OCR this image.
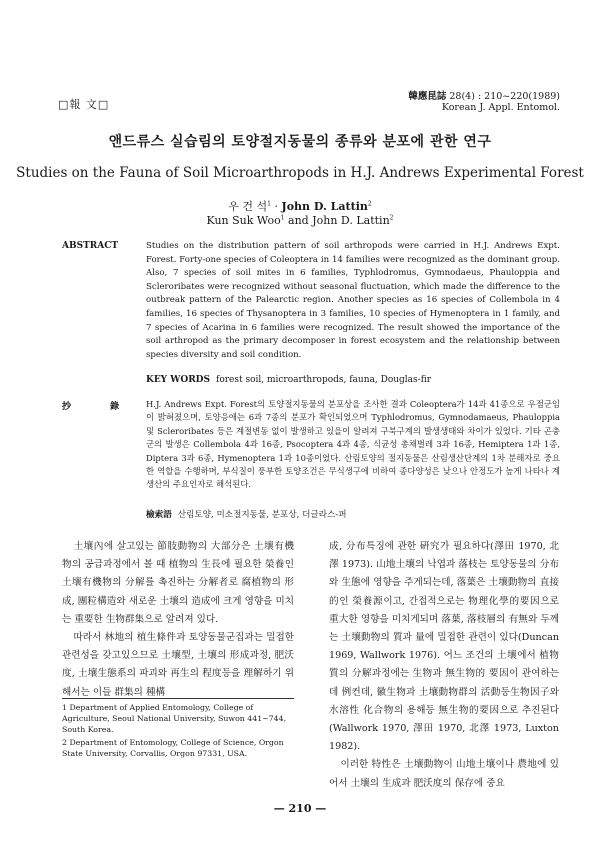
□報 文□
韓應昆誌 28(4) : 210~220(1989)
Korean J. Appl. Entomol.
앤드류스 실습림의 토양절지동물의 종류와 분포에 관한 연구
Studies on the Fauna of Soil Microarthropods in H.J. Andrews Experimental Forest
우 건 석$^1$ · John D. Lattin$^2$
Kun Suk Woo$^1$ and John D. Lattin$^2$
ABSTRACT	Studies on the distribution pattern of soil arthropods were carried in H.J. Andrews Expt. Forest. Forty-one species of Coleoptera in 14 families were recognized as the dominant group. Also, 7 species of soil mites in 6 families, Typhlodromus, Gymnodaeus, Phauloppia and Scleroribates were recognized without seasonal fluctuation, which made the difference to the outbreak pattern of the Palearctic region. Another species as 16 species of Collembola in 4 families, 16 species of Thysanoptera in 3 families, 10 species of Hymenoptera in 1 family, and 7 species of Acarina in 6 families were recognized. The result showed the importance of the soil arthropod as the primary decomposer in forest ecosystem and the relationship between species diversity and soil condition.

KEY WORDS forest soil, microarthropods, fauna, Douglas-fir
抄 錄 H.J. Andrews Expt. Forest의 토양절지동물의 분포상을 조사한 결과 Coleoptera가 14과 41종으로 우점군임이 밝혀졌으며, 토양응애는 6과 7종의 분포가 확인되었으며 Typhlodromus, Gymnodamaeus, Phauloppia 및 Scleroribates 등은 계절변동 없이 발생하고 있을이 알려져 구북구계의 발생생태와 차이가 있었다. 기타 곤충군의 발생은 Collembola 4과 16종, Psocoptera 4과 4종, 식균성 총채벌레 3과 16종, Hemiptera 1과 1종, Diptera 3과 6종, Hymenoptera 1과 10종이었다. 산림토양의 절지동물은 산림생산단계의 1차 분해자로 중요한 역할을 수행하며, 부식질이 풍부한 토양조건은 무식생구에 비하여 종다양성은 낮으나 안정도가 높게 나타나 계생산의 주요인자로 해석된다.

檢索語 산림토양, 미소절지동물, 분포상, 더글라스-퍼

土壤內에 살고있는 節肢動物의 大部分은 土壤有機物의 공급과정에서 볼 때 植物의 生長에 필요한 榮養인 土壤有機物의 分解를 촉진하는 分解者로 腐植物의 形成, 團粒構造와 새로운 土壤의 造成에 크게 영향을 미치는 重要한 生物群集으로 알려져 있다.

따라서 林地의 植生條件과 토양동물군집과는 밀접한 관련성을 갖고있으므로 土壤型, 土壤의 形成과정, 肥沃度, 土壤生態系의 파괴와 再生의 程度등을 理解하기 위해서는 이들 群集의 種構

成, 分布특징에 관한 硏究가 필요하다(澤田 1970, 北澤 1973). 山地土壤의 낙엽과 落枝는 토양동물의 分布와 生態에 영향을 주게되는데, 落葉은 土壤動物의 直接的인 榮養源이고, 간접적으로는 物理化學的要因으로 重大한 영향을 미치게되며 落葉, 落枝層의 有無와 두께는 土壤動物의 質과 量에 밀접한 관련이 있다(Duncan 1969, Wallwork 1976). 어느 조건의 土壤에서 植物質의 分解과정에는 生物과 無生物的 要因이 관여하는데 例컨데, 徽生物과 土壤動物群의 活動등生物因子와 水溶性 化合物의 용해등 無生物的要因으로 추진된다(Wallwork 1970, 澤田 1970, 北澤 1973, Luxton 1982).

이러한 特性은 土壤動物이 山地土壤이나 農地에 있어서 土壤의 生成과 肥沃度의 保存에 중요

1 Department of Applied Entomology, College of Agriculture, Seoul National University, Suwon 441~744, South Korea.
2 Department of Entomology, College of Science, Orgon State University, Corvallis, Orgon 97331, USA.
— 210 —
